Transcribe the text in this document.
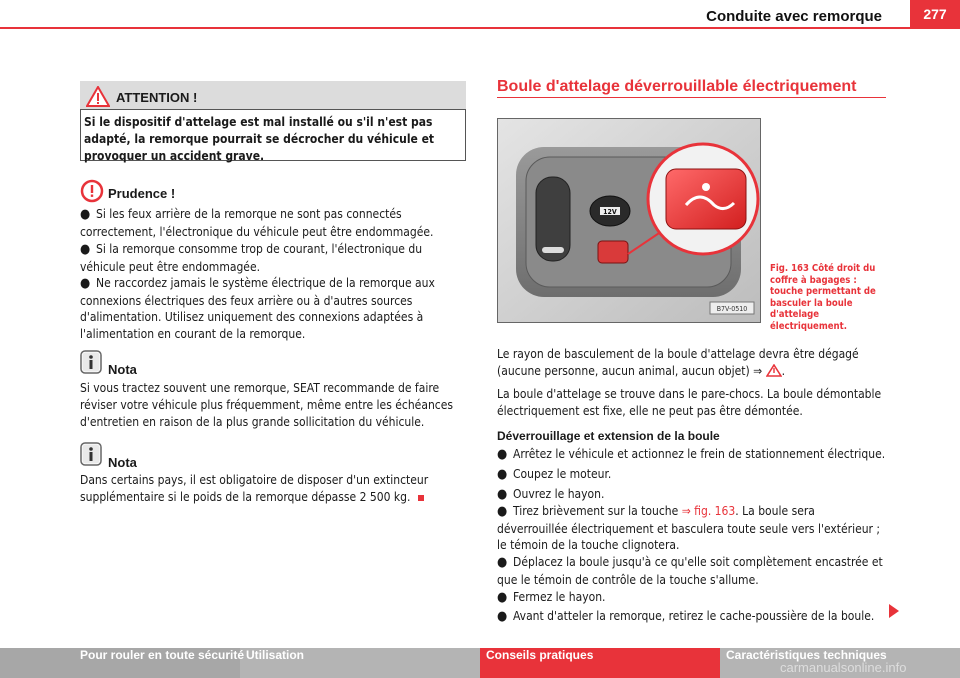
Conduite avec remorque	277
ATTENTION !
Si le dispositif d'attelage est mal installé ou s'il n'est pas adapté, la remorque pourrait se décrocher du véhicule et provoquer un accident grave.
Prudence !
● Si les feux arrière de la remorque ne sont pas connectés correctement, l'électronique du véhicule peut être endommagée.
● Si la remorque consomme trop de courant, l'électronique du véhicule peut être endommagée.
● Ne raccordez jamais le système électrique de la remorque aux connexions électriques des feux arrière ou à d'autres sources d'alimentation. Utilisez uniquement des connexions adaptées à l'alimentation en courant de la remorque.
Nota
Si vous tractez souvent une remorque, SEAT recommande de faire réviser votre véhicule plus fréquemment, même entre les échéances d'entretien en raison de la plus grande sollicitation du véhicule.
Nota
Dans certains pays, il est obligatoire de disposer d'un extincteur supplémentaire si le poids de la remorque dépasse 2 500 kg.
Boule d'attelage déverrouillable électriquement
12V
B7V-0510
Fig. 163 Côté droit du coffre à bagages : touche permettant de basculer la boule d'attelage électriquement.
Le rayon de basculement de la boule d'attelage devra être dégagé (aucune personne, aucun animal, aucun objet) ⇒ .
La boule d'attelage se trouve dans le pare-chocs. La boule démontable électriquement est fixe, elle ne peut pas être démontée.
Déverrouillage et extension de la boule
● Arrêtez le véhicule et actionnez le frein de stationnement électrique.
● Coupez le moteur.
● Ouvrez le hayon.
● Tirez brièvement sur la touche ⇒ fig. 163. La boule sera déverrouillée électriquement et basculera toute seule vers l'extérieur ; le témoin de la touche clignotera.
● Déplacez la boule jusqu'à ce qu'elle soit complètement encastrée et que le témoin de contrôle de la touche s'allume.
● Fermez le hayon.
● Avant d'atteler la remorque, retirez le cache-poussière de la boule.
Pour rouler en toute sécurité Utilisation	Conseils pratiques	Caractéristiques techniques
carmanualsonline.info
